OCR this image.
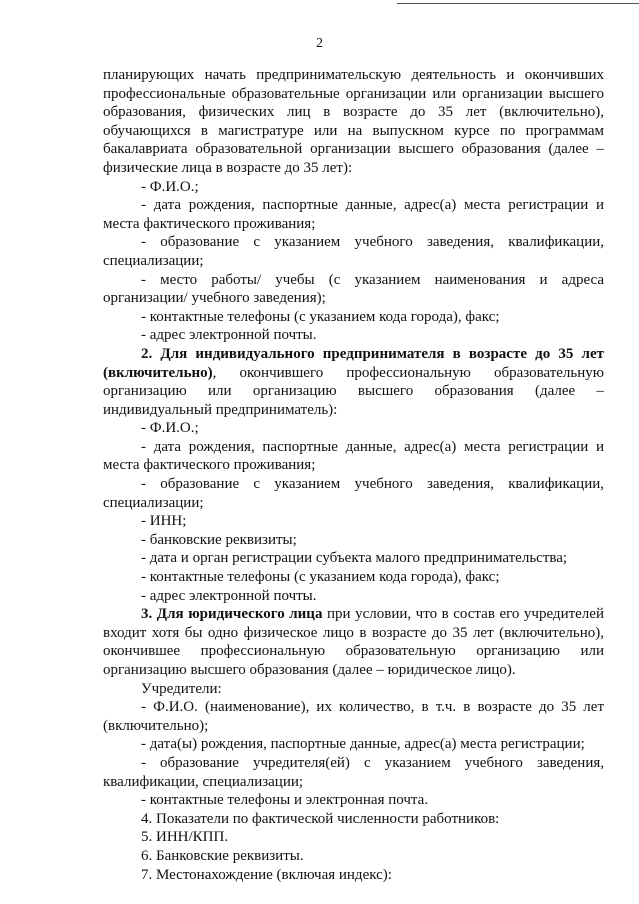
2

планирующих начать предпринимательскую деятельность и окончивших профессиональные образовательные организации или организации высшего образования, физических лиц в возрасте до 35 лет (включительно), обучающихся в магистратуре или на выпускном курсе по программам бакалавриата образовательной организации высшего образования (далее – физические лица в возрасте до 35 лет):

- Ф.И.О.;

- дата рождения, паспортные данные, адрес(а) места регистрации и места фактического проживания;

- образование с указанием учебного заведения, квалификации, специализации;

- место работы/ учебы (с указанием наименования и адреса организации/ учебного заведения);

- контактные телефоны (с указанием кода города), факс;

- адрес электронной почты.

2. Для индивидуального предпринимателя в возрасте до 35 лет (включительно), окончившего профессиональную образовательную организацию или организацию высшего образования (далее – индивидуальный предприниматель):

- Ф.И.О.;

- дата рождения, паспортные данные, адрес(а) места регистрации и места фактического проживания;

- образование с указанием учебного заведения, квалификации, специализации;

- ИНН;

- банковские реквизиты;

- дата и орган регистрации субъекта малого предпринимательства;

- контактные телефоны (с указанием кода города), факс;

- адрес электронной почты.

3. Для юридического лица при условии, что в состав его учредителей входит хотя бы одно физическое лицо в возрасте до 35 лет (включительно), окончившее профессиональную образовательную организацию или организацию высшего образования (далее – юридическое лицо).

Учредители:

- Ф.И.О. (наименование), их количество, в т.ч. в возрасте до 35 лет (включительно);

- дата(ы) рождения, паспортные данные, адрес(а) места регистрации;

- образование учредителя(ей) с указанием учебного заведения, квалификации, специализации;

- контактные телефоны и электронная почта.

4. Показатели по фактической численности работников:

5. ИНН/КПП.

6. Банковские реквизиты.

7. Местонахождение (включая индекс):
